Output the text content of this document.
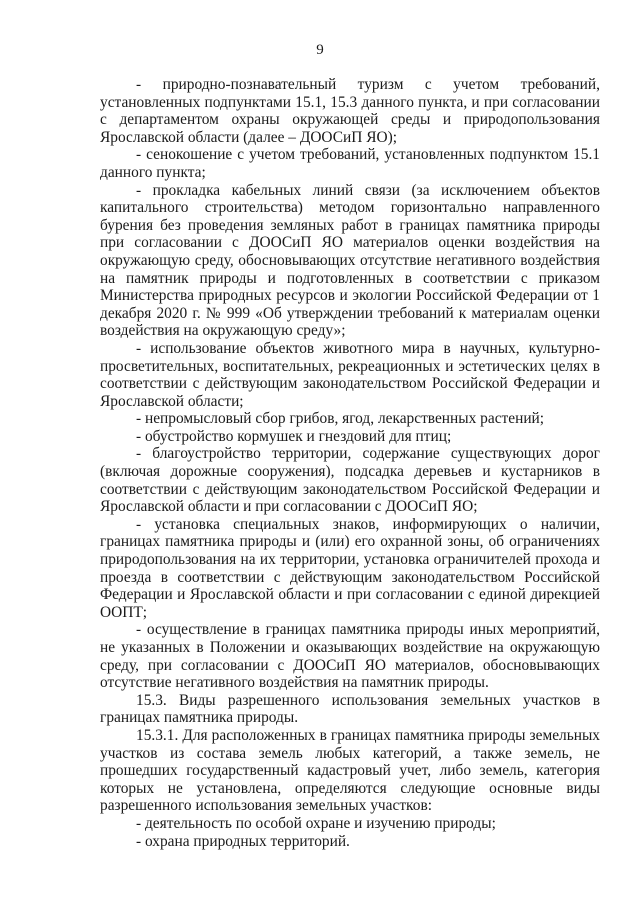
9

- природно-познавательный туризм с учетом требований, установленных подпунктами 15.1, 15.3 данного пункта, и при согласовании с департаментом охраны окружающей среды и природопользования Ярославской области (далее – ДООСиП ЯО);

- сенокошение с учетом требований, установленных подпунктом 15.1 данного пункта;

- прокладка кабельных линий связи (за исключением объектов капитального строительства) методом горизонтально направленного бурения без проведения земляных работ в границах памятника природы при согласовании с ДООСиП ЯО материалов оценки воздействия на окружающую среду, обосновывающих отсутствие негативного воздействия на памятник природы и подготовленных в соответствии с приказом Министерства природных ресурсов и экологии Российской Федерации от 1 декабря 2020 г. № 999 «Об утверждении требований к материалам оценки воздействия на окружающую среду»;

- использование объектов животного мира в научных, культурно-просветительных, воспитательных, рекреационных и эстетических целях в соответствии с действующим законодательством Российской Федерации и Ярославской области;

- непромысловый сбор грибов, ягод, лекарственных растений;

- обустройство кормушек и гнездовий для птиц;

- благоустройство территории, содержание существующих дорог (включая дорожные сооружения), подсадка деревьев и кустарников в соответствии с действующим законодательством Российской Федерации и Ярославской области и при согласовании с ДООСиП ЯО;

- установка специальных знаков, информирующих о наличии, границах памятника природы и (или) его охранной зоны, об ограничениях природопользования на их территории, установка ограничителей прохода и проезда в соответствии с действующим законодательством Российской Федерации и Ярославской области и при согласовании с единой дирекцией ООПТ;

- осуществление в границах памятника природы иных мероприятий, не указанных в Положении и оказывающих воздействие на окружающую среду, при согласовании с ДООСиП ЯО материалов, обосновывающих отсутствие негативного воздействия на памятник природы.

15.3. Виды разрешенного использования земельных участков в границах памятника природы.

15.3.1. Для расположенных в границах памятника природы земельных участков из состава земель любых категорий, а также земель, не прошедших государственный кадастровый учет, либо земель, категория которых не установлена, определяются следующие основные виды разрешенного использования земельных участков:

- деятельность по особой охране и изучению природы;

- охрана природных территорий.
